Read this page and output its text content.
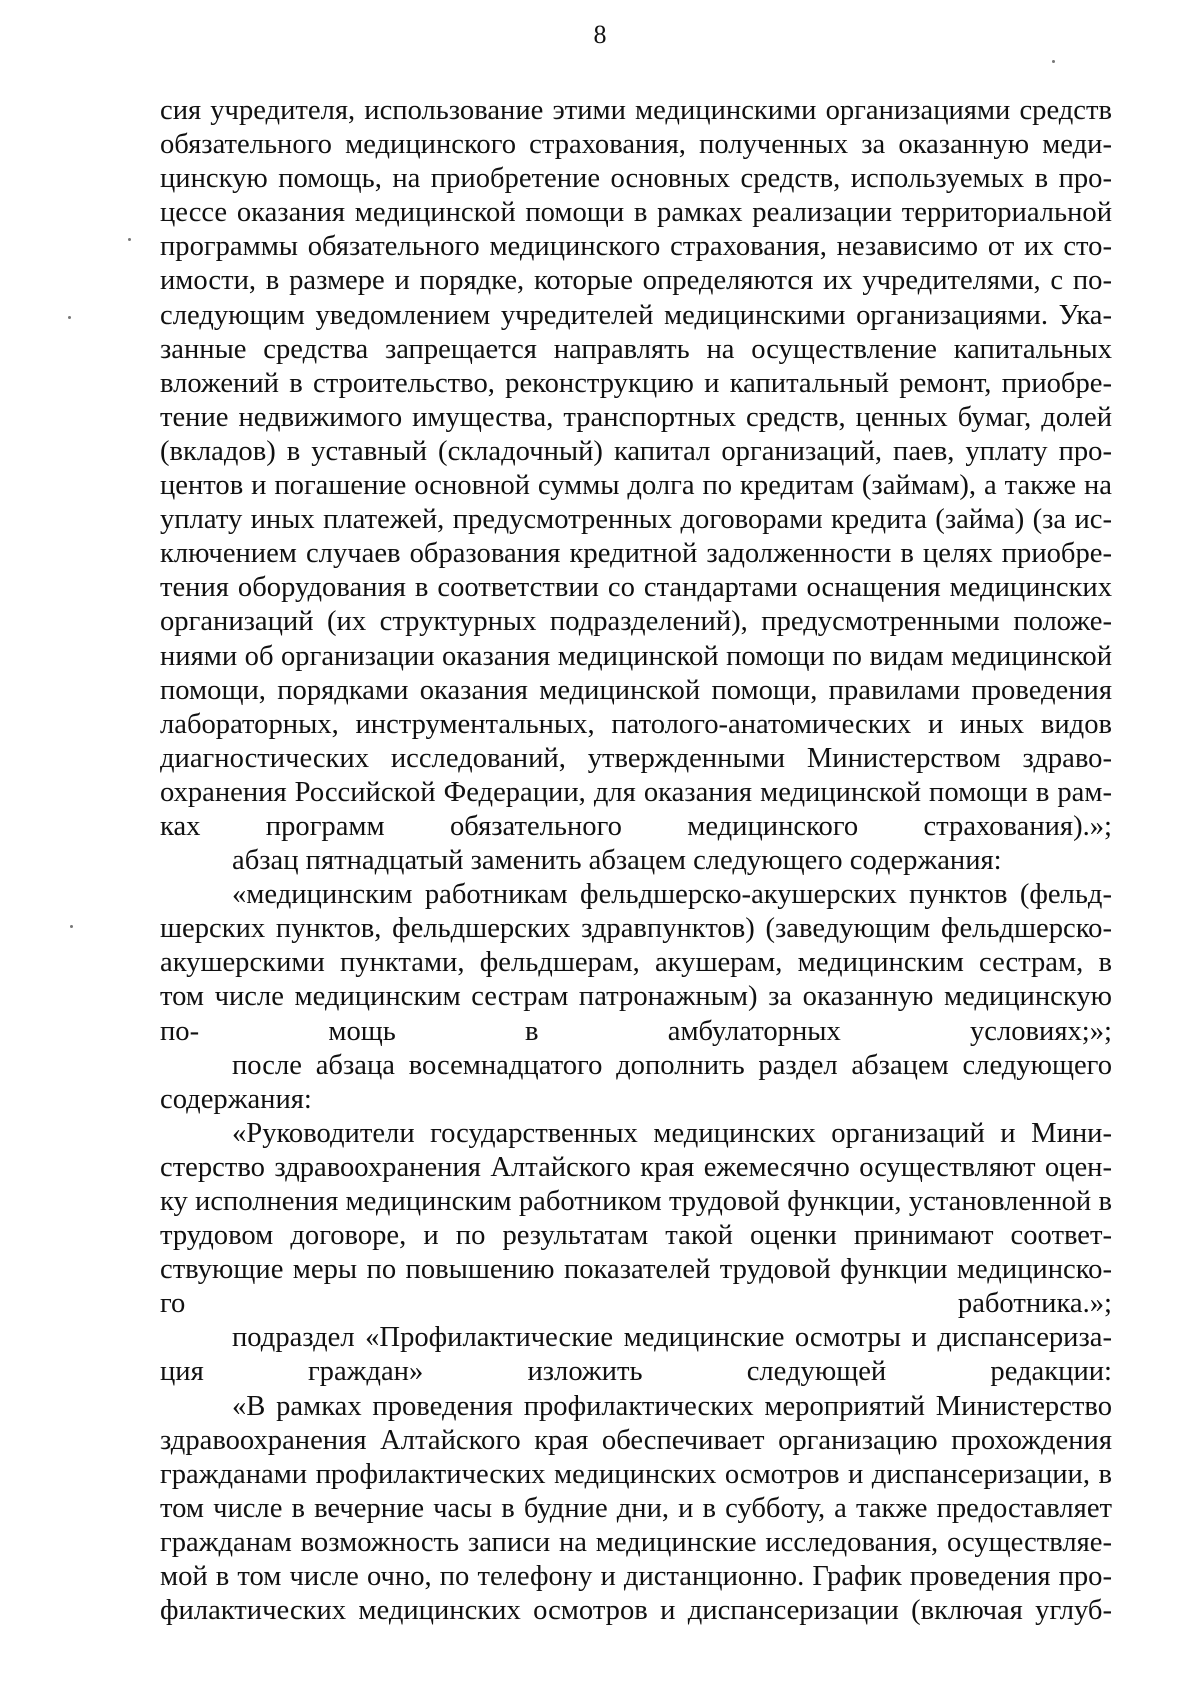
8

сия учредителя, использование этими медицинскими организациями средств обязательного медицинского страхования, полученных за оказанную меди- цинскую помощь, на приобретение основных средств, используемых в про- цессе оказания медицинской помощи в рамках реализации территориальной программы обязательного медицинского страхования, независимо от их сто- имости, в размере и порядке, которые определяются их учредителями, с по- следующим уведомлением учредителей медицинскими организациями. Ука- занные средства запрещается направлять на осуществление капитальных вложений в строительство, реконструкцию и капитальный ремонт, приобре- тение недвижимого имущества, транспортных средств, ценных бумаг, долей (вкладов) в уставный (складочный) капитал организаций, паев, уплату про- центов и погашение основной суммы долга по кредитам (займам), а также на уплату иных платежей, предусмотренных договорами кредита (займа) (за ис- ключением случаев образования кредитной задолженности в целях приобре- тения оборудования в соответствии со стандартами оснащения медицинских организаций (их структурных подразделений), предусмотренными положе- ниями об организации оказания медицинской помощи по видам медицинской помощи, порядками оказания медицинской помощи, правилами проведения лабораторных, инструментальных, патолого-анатомических и иных видов диагностических исследований, утвержденными Министерством здраво- охранения Российской Федерации, для оказания медицинской помощи в рам- ках программ обязательного медицинского страхования).»;

абзац пятнадцатый заменить абзацем следующего содержания:

«медицинским работникам фельдшерско-акушерских пунктов (фельд- шерских пунктов, фельдшерских здравпунктов) (заведующим фельдшерско- акушерскими пунктами, фельдшерам, акушерам, медицинским сестрам, в том числе медицинским сестрам патронажным) за оказанную медицинскую по-	мощь в амбулаторных условиях;»;

после абзаца восемнадцатого дополнить раздел абзацем следующего содержания:

«Руководители государственных медицинских организаций и Мини- стерство здравоохранения Алтайского края ежемесячно осуществляют оцен- ку исполнения медицинским работником трудовой функции, установленной в трудовом договоре, и по результатам такой оценки принимают соответ- ствующие меры по повышению показателей трудовой функции медицинско- го работника.»;

подраздел «Профилактические медицинские осмотры и диспансериза- ция граждан» изложить следующей редакции:

«В рамках проведения профилактических мероприятий Министерство здравоохранения Алтайского края обеспечивает организацию прохождения гражданами профилактических медицинских осмотров и диспансеризации, в том числе в вечерние часы в будние дни, и в субботу, а также предоставляет гражданам возможность записи на медицинские исследования, осуществляе- мой в том числе очно, по телефону и дистанционно. График проведения про- филактических медицинских осмотров и диспансеризации (включая углуб-
